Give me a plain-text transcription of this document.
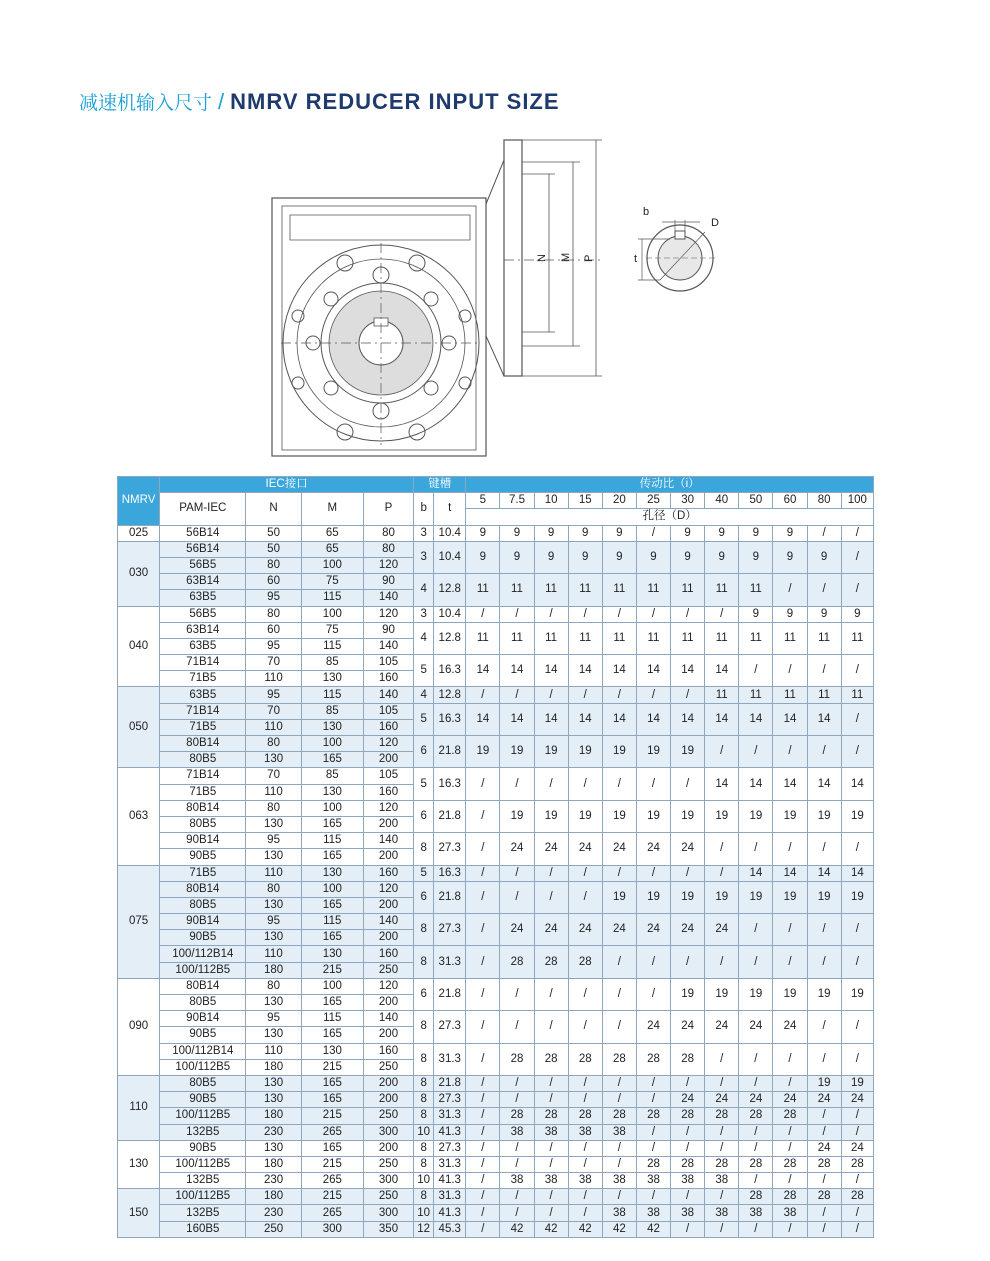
减速机输入尺寸 / NMRV REDUCER INPUT SIZE
N M P
b
t
D
NMRV	IEC接口				键槽		传动比（i）											
	PAM-IEC	N	M	P	b	t	5	7.5	10	15	20	25	30	40	50	60	80	100
							孔径（D）											
025	56B14	50	65	80	3	10.4	9	9	9	9	9	/	9	9	9	9	/	/
030	56B14	50	65	80	3	10.4	9	9	9	9	9	9	9	9	9	9	9	/
	56B5	80	100	120														
	63B14	60	75	90	4	12.8	11	11	11	11	11	11	11	11	11	/	/	/
	63B5	95	115	140														
040	56B5	80	100	120	3	10.4	/	/	/	/	/	/	/	/	9	9	9	9
	63B14	60	75	90	4	12.8	11	11	11	11	11	11	11	11	11	11	11	11
	63B5	95	115	140														
	71B14	70	85	105	5	16.3	14	14	14	14	14	14	14	14	/	/	/	/
	71B5	110	130	160														
050	63B5	95	115	140	4	12.8	/	/	/	/	/	/	/	11	11	11	11	11
	71B14	70	85	105	5	16.3	14	14	14	14	14	14	14	14	14	14	14	/
	71B5	110	130	160														
	80B14	80	100	120	6	21.8	19	19	19	19	19	19	19	/	/	/	/	/
	80B5	130	165	200														
063	71B14	70	85	105	5	16.3	/	/	/	/	/	/	/	14	14	14	14	14
	71B5	110	130	160														
	80B14	80	100	120	6	21.8	/	19	19	19	19	19	19	19	19	19	19	19
	80B5	130	165	200														
	90B14	95	115	140	8	27.3	/	24	24	24	24	24	24	/	/	/	/	/
	90B5	130	165	200														
075	71B5	110	130	160	5	16.3	/	/	/	/	/	/	/	/	14	14	14	14
	80B14	80	100	120	6	21.8	/	/	/	/	19	19	19	19	19	19	19	19
	80B5	130	165	200														
	90B14	95	115	140	8	27.3	/	24	24	24	24	24	24	24	/	/	/	/
	90B5	130	165	200														
	100/112B14	110	130	160	8	31.3	/	28	28	28	/	/	/	/	/	/	/	/
	100/112B5	180	215	250														
090	80B14	80	100	120	6	21.8	/	/	/	/	/	/	19	19	19	19	19	19
	80B5	130	165	200														
	90B14	95	115	140	8	27.3	/	/	/	/	/	24	24	24	24	24	/	/
	90B5	130	165	200														
	100/112B14	110	130	160	8	31.3	/	28	28	28	28	28	28	/	/	/	/	/
	100/112B5	180	215	250														
110	80B5	130	165	200	8	21.8	/	/	/	/	/	/	/	/	/	/	19	19
	90B5	130	165	200	8	27.3	/	/	/	/	/	/	24	24	24	24	24	24
	100/112B5	180	215	250	8	31.3	/	28	28	28	28	28	28	28	28	28	/	/
	132B5	230	265	300	10	41.3	/	38	38	38	38	/	/	/	/	/	/	/
130	90B5	130	165	200	8	27.3	/	/	/	/	/	/	/	/	/	/	24	24
	100/112B5	180	215	250	8	31.3	/	/	/	/	/	28	28	28	28	28	28	28
	132B5	230	265	300	10	41.3	/	38	38	38	38	38	38	38	/	/	/	/
150	100/112B5	180	215	250	8	31.3	/	/	/	/	/	/	/	/	28	28	28	28
	132B5	230	265	300	10	41.3	/	/	/	/	38	38	38	38	38	38	/	/
	160B5	250	300	350	12	45.3	/	42	42	42	42	42	/	/	/	/	/	/
